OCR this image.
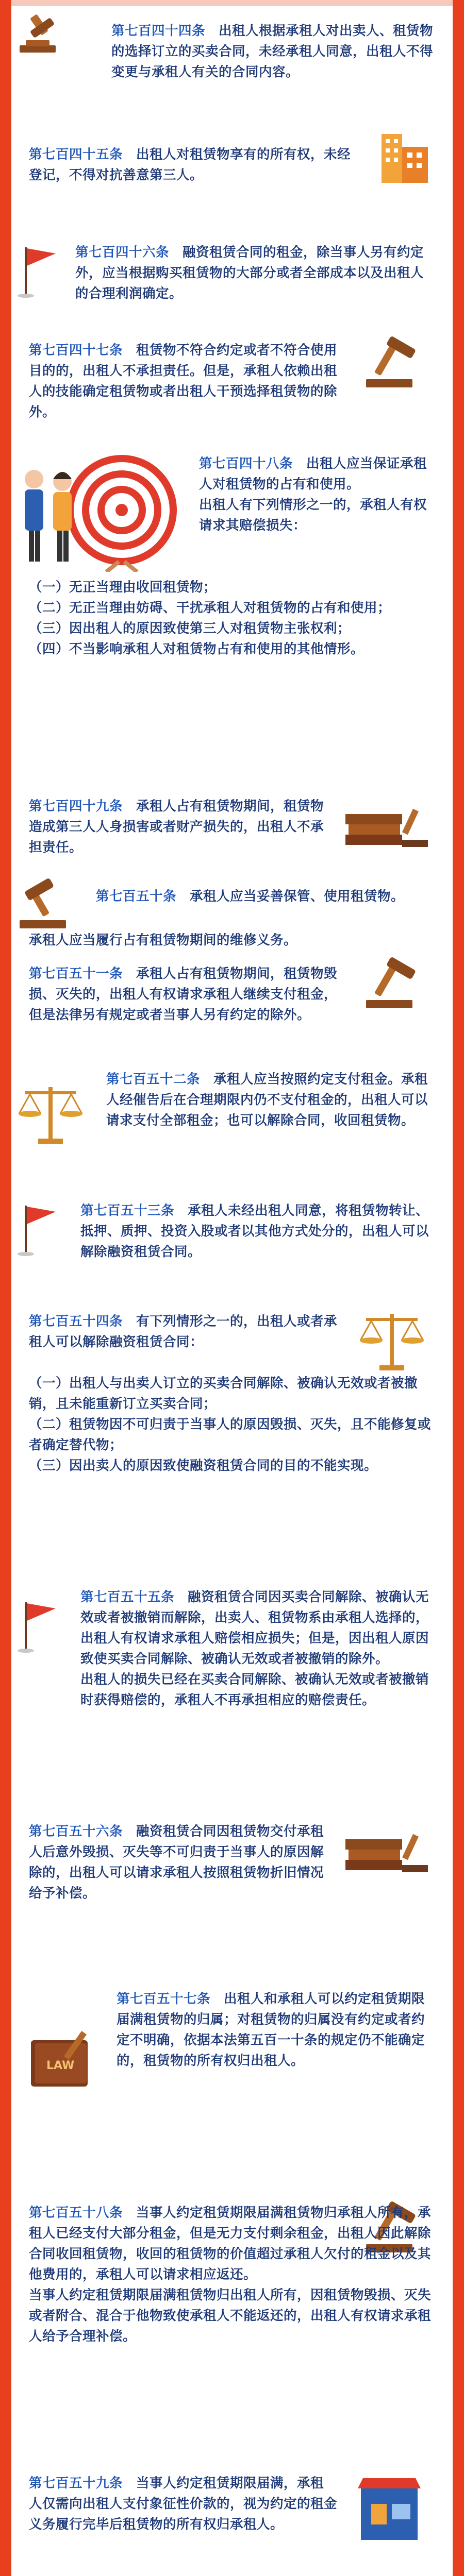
LAW

第七百四十四条　 出租人根据承租人对出卖人、租赁物的选择订立的买卖合同，未经承租人同意，出租人不得变更与承租人有关的合同内容。

第七百四十五条　 出租人对租赁物享有的所有权，未经登记，不得对抗善意第三人。

第七百四十六条　 融资租赁合同的租金，除当事人另有约定外，应当根据购买租赁物的大部分或者全部成本以及出租人的合理利润确定。

第七百四十七条　 租赁物不符合约定或者不符合使用目的的，出租人不承担责任。但是，承租人依赖出租人的技能确定租赁物或者出租人干预选择租赁物的除外。

第七百四十八条　 出租人应当保证承租人对租赁物的占有和使用。

出租人有下列情形之一的，承租人有权请求其赔偿损失：

（一）无正当理由收回租赁物；

（二）无正当理由妨碍、干扰承租人对租赁物的占有和使用；

（三）因出租人的原因致使第三人对租赁物主张权利；

（四）不当影响承租人对租赁物占有和使用的其他情形。

第七百四十九条　 承租人占有租赁物期间，租赁物造成第三人人身损害或者财产损失的，出租人不承担责任。

第七百五十条　 承租人应当妥善保管、使用租赁物。

承租人应当履行占有租赁物期间的维修义务。

第七百五十一条　 承租人占有租赁物期间，租赁物毁损、灭失的，出租人有权请求承租人继续支付租金，但是法律另有规定或者当事人另有约定的除外。

第七百五十二条　 承租人应当按照约定支付租金。承租人经催告后在合理期限内仍不支付租金的，出租人可以请求支付全部租金；也可以解除合同，收回租赁物。

第七百五十三条　 承租人未经出租人同意，将租赁物转让、抵押、质押、投资入股或者以其他方式处分的，出租人可以解除融资租赁合同。

第七百五十四条　 有下列情形之一的，出租人或者承租人可以解除融资租赁合同：

（一）出租人与出卖人订立的买卖合同解除、被确认无效或者被撤销，且未能重新订立买卖合同；

（二）租赁物因不可归责于当事人的原因毁损、灭失，且不能修复或者确定替代物；

（三）因出卖人的原因致使融资租赁合同的目的不能实现。

第七百五十五条　 融资租赁合同因买卖合同解除、被确认无效或者被撤销而解除，出卖人、租赁物系由承租人选择的，出租人有权请求承租人赔偿相应损失；但是，因出租人原因致使买卖合同解除、被确认无效或者被撤销的除外。

出租人的损失已经在买卖合同解除、被确认无效或者被撤销时获得赔偿的，承租人不再承担相应的赔偿责任。

第七百五十六条　 融资租赁合同因租赁物交付承租人后意外毁损、灭失等不可归责于当事人的原因解除的，出租人可以请求承租人按照租赁物折旧情况给予补偿。

第七百五十七条　 出租人和承租人可以约定租赁期限届满租赁物的归属；对租赁物的归属没有约定或者约定不明确，依据本法第五百一十条的规定仍不能确定的，租赁物的所有权归出租人。

第七百五十八条　 当事人约定租赁期限届满租赁物归承租人所有，承租人已经支付大部分租金，但是无力支付剩余租金，出租人因此解除合同收回租赁物，收回的租赁物的价值超过承租人欠付的租金以及其他费用的，承租人可以请求相应返还。

当事人约定租赁期限届满租赁物归出租人所有，因租赁物毁损、灭失或者附合、混合于他物致使承租人不能返还的，出租人有权请求承租人给予合理补偿。

第七百五十九条　 当事人约定租赁期限届满，承租人仅需向出租人支付象征性价款的，视为约定的租金义务履行完毕后租赁物的所有权归承租人。
